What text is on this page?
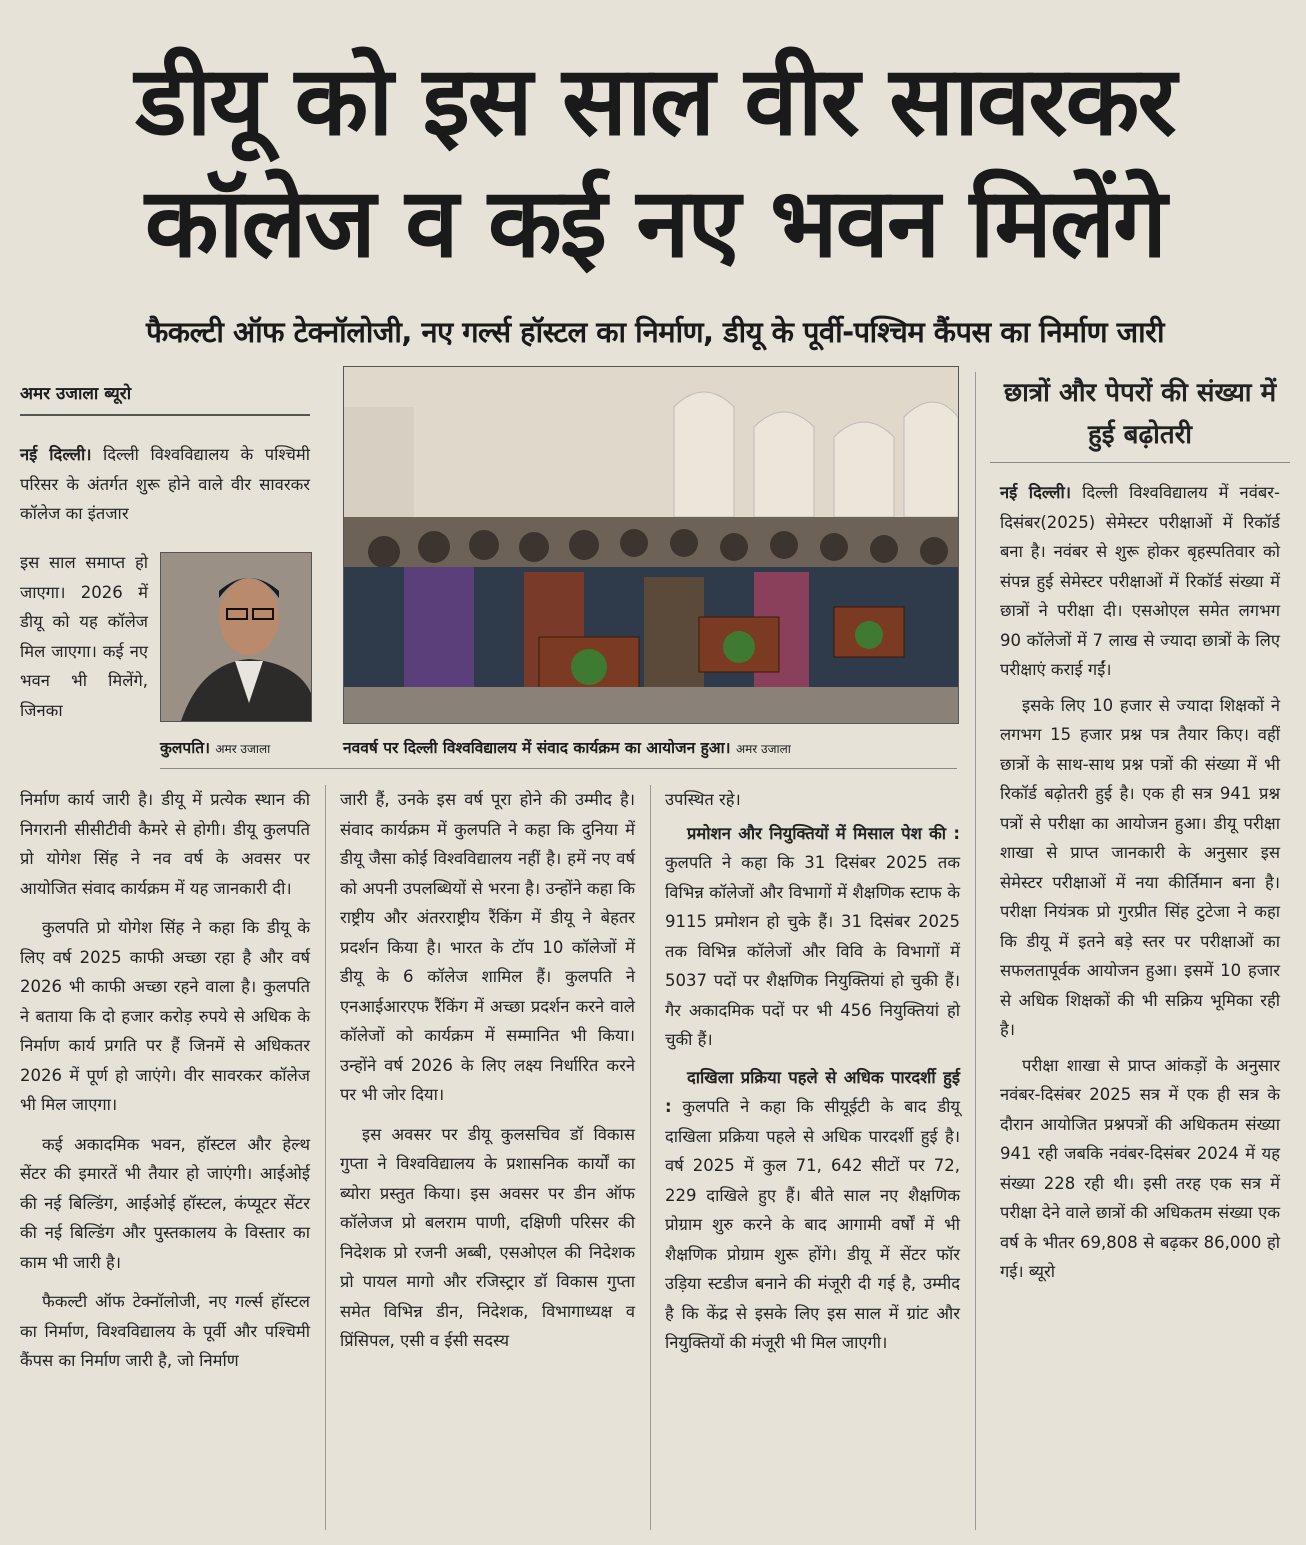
डीयू को इस साल वीर सावरकर कॉलेज व कई नए भवन मिलेंगे
फैकल्टी ऑफ टेक्नॉलोजी, नए गर्ल्स हॉस्टल का निर्माण, डीयू के पूर्वी-पश्चिम कैंपस का निर्माण जारी
अमर उजाला ब्यूरो
कुलपति। अमर उजाला	नववर्ष पर दिल्ली विश्वविद्यालय में संवाद कार्यक्रम का आयोजन हुआ। अमर उजाला

नई दिल्ली। दिल्ली विश्वविद्यालय के पश्चिमी परिसर के अंतर्गत शुरू होने वाले वीर सावरकर कॉलेज का इंतजार

इस साल समाप्त हो जाएगा। 2026 में डीयू को यह कॉलेज मिल जाएगा। कई नए भवन भी मिलेंगे, जिनका

निर्माण कार्य जारी है। डीयू में प्रत्येक स्थान की निगरानी सीसीटीवी कैमरे से होगी। डीयू कुलपति प्रो योगेश सिंह ने नव वर्ष के अवसर पर आयोजित संवाद कार्यक्रम में यह जानकारी दी।

कुलपति प्रो योगेश सिंह ने कहा कि डीयू के लिए वर्ष 2025 काफी अच्छा रहा है और वर्ष 2026 भी काफी अच्छा रहने वाला है। कुलपति ने बताया कि दो हजार करोड़ रुपये से अधिक के निर्माण कार्य प्रगति पर हैं जिनमें से अधिकतर 2026 में पूर्ण हो जाएंगे। वीर सावरकर कॉलेज भी मिल जाएगा।

कई अकादमिक भवन, हॉस्टल और हेल्थ सेंटर की इमारतें भी तैयार हो जाएंगी। आईओई की नई बिल्डिंग, आईओई हॉस्टल, कंप्यूटर सेंटर की नई बिल्डिंग और पुस्तकालय के विस्तार का काम भी जारी है।

फैकल्टी ऑफ टेक्नॉलोजी, नए गर्ल्स हॉस्टल का निर्माण, विश्वविद्यालय के पूर्वी और पश्चिमी कैंपस का निर्माण जारी है, जो निर्माण

जारी हैं, उनके इस वर्ष पूरा होने की उम्मीद है। संवाद कार्यक्रम में कुलपति ने कहा कि दुनिया में डीयू जैसा कोई विश्वविद्यालय नहीं है। हमें नए वर्ष को अपनी उपलब्धियों से भरना है। उन्होंने कहा कि राष्ट्रीय और अंतरराष्ट्रीय रैंकिंग में डीयू ने बेहतर प्रदर्शन किया है। भारत के टॉप 10 कॉलेजों में डीयू के 6 कॉलेज शामिल हैं। कुलपति ने एनआईआरएफ रैंकिंग में अच्छा प्रदर्शन करने वाले कॉलेजों को कार्यक्रम में सम्मानित भी किया। उन्होंने वर्ष 2026 के लिए लक्ष्य निर्धारित करने पर भी जोर दिया।

इस अवसर पर डीयू कुलसचिव डॉ विकास गुप्ता ने विश्वविद्यालय के प्रशासनिक कार्यों का ब्योरा प्रस्तुत किया। इस अवसर पर डीन ऑफ कॉलेजज प्रो बलराम पाणी, दक्षिणी परिसर की निदेशक प्रो रजनी अब्बी, एसओएल की निदेशक प्रो पायल मागो और रजिस्ट्रार डॉ विकास गुप्ता समेत विभिन्न डीन, निदेशक, विभागाध्यक्ष व प्रिंसिपल, एसी व ईसी सदस्य

उपस्थित रहे।

प्रमोशन और नियुक्तियों में मिसाल पेश की : कुलपति ने कहा कि 31 दिसंबर 2025 तक विभिन्न कॉलेजों और विभागों में शैक्षणिक स्टाफ के 9115 प्रमोशन हो चुके हैं। 31 दिसंबर 2025 तक विभिन्न कॉलेजों और विवि के विभागों में 5037 पदों पर शैक्षणिक नियुक्तियां हो चुकी हैं। गैर अकादमिक पदों पर भी 456 नियुक्तियां हो चुकी हैं।

दाखिला प्रक्रिया पहले से अधिक पारदर्शी हुई : कुलपति ने कहा कि सीयूईटी के बाद डीयू दाखिला प्रक्रिया पहले से अधिक पारदर्शी हुई है। वर्ष 2025 में कुल 71, 642 सीटों पर 72, 229 दाखिले हुए हैं। बीते साल नए शैक्षणिक प्रोग्राम शुरु करने के बाद आगामी वर्षों में भी शैक्षणिक प्रोग्राम शुरू होंगे। डीयू में सेंटर फॉर उड़िया स्टडीज बनाने की मंजूरी दी गई है, उम्मीद है कि केंद्र से इसके लिए इस साल में ग्रांट और नियुक्तियों की मंजूरी भी मिल जाएगी।

छात्रों और पेपरों की संख्या में हुई बढ़ोतरी

नई दिल्ली। दिल्ली विश्वविद्यालय में नवंबर-दिसंबर(2025) सेमेस्टर परीक्षाओं में रिकॉर्ड बना है। नवंबर से शुरू होकर बृहस्पतिवार को संपन्न हुई सेमेस्टर परीक्षाओं में रिकॉर्ड संख्या में छात्रों ने परीक्षा दी। एसओएल समेत लगभग 90 कॉलेजों में 7 लाख से ज्यादा छात्रों के लिए परीक्षाएं कराई गईं।

इसके लिए 10 हजार से ज्यादा शिक्षकों ने लगभग 15 हजार प्रश्न पत्र तैयार किए। वहीं छात्रों के साथ-साथ प्रश्न पत्रों की संख्या में भी रिकॉर्ड बढ़ोतरी हुई है। एक ही सत्र 941 प्रश्न पत्रों से परीक्षा का आयोजन हुआ। डीयू परीक्षा शाखा से प्राप्त जानकारी के अनुसार इस सेमेस्टर परीक्षाओं में नया कीर्तिमान बना है। परीक्षा नियंत्रक प्रो गुरप्रीत सिंह टुटेजा ने कहा कि डीयू में इतने बड़े स्तर पर परीक्षाओं का सफलतापूर्वक आयोजन हुआ। इसमें 10 हजार से अधिक शिक्षकों की भी सक्रिय भूमिका रही है।

परीक्षा शाखा से प्राप्त आंकड़ों के अनुसार नवंबर-दिसंबर 2025 सत्र में एक ही सत्र के दौरान आयोजित प्रश्नपत्रों की अधिकतम संख्या 941 रही जबकि नवंबर-दिसंबर 2024 में यह संख्या 228 रही थी। इसी तरह एक सत्र में परीक्षा देने वाले छात्रों की अधिकतम संख्या एक वर्ष के भीतर 69,808 से बढ़कर 86,000 हो गई। ब्यूरो
